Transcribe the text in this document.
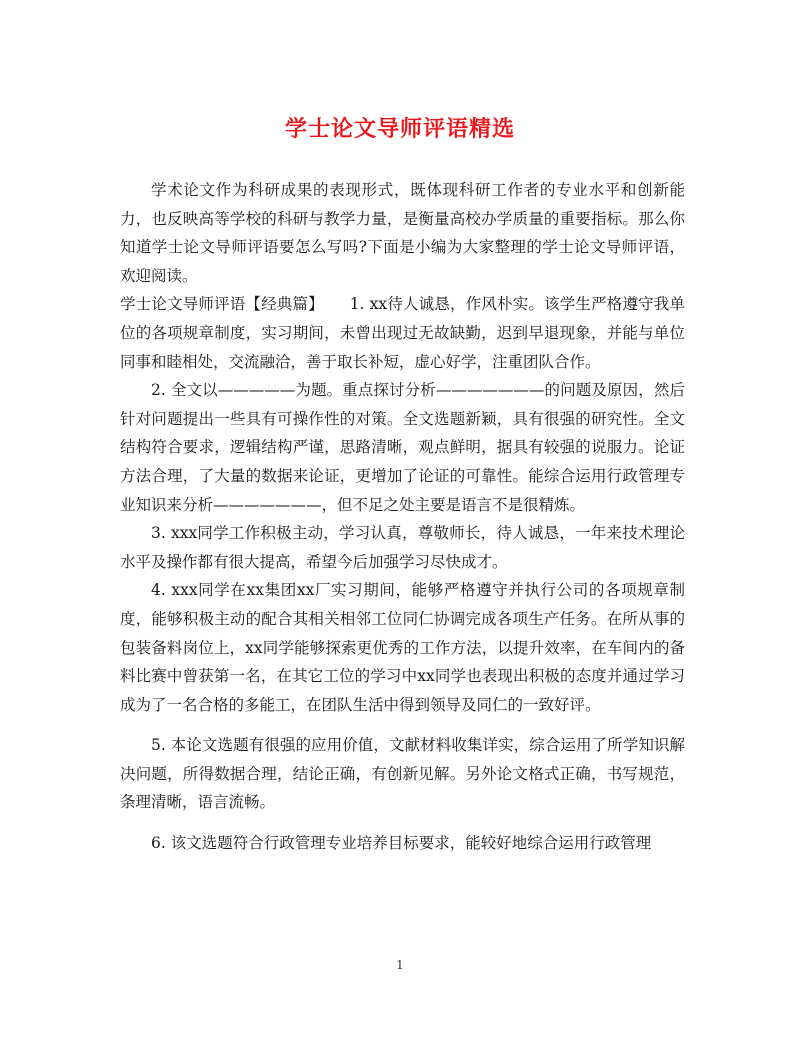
学士论文导师评语精选

学术论文作为科研成果的表现形式，既体现科研工作者的专业水平和创新能力，也反映高等学校的科研与教学力量，是衡量高校办学质量的重要指标。那么你知道学士论文导师评语要怎么写吗?下面是小编为大家整理的学士论文导师评语，欢迎阅读。

学士论文导师评语【经典篇】 1. xx待人诚恳，作风朴实。该学生严格遵守我单位的各项规章制度，实习期间，未曾出现过无故缺勤，迟到早退现象，并能与单位同事和睦相处，交流融洽，善于取长补短，虚心好学，注重团队合作。

2. 全文以—————为题。重点探讨分析———————的问题及原因，然后针对问题提出一些具有可操作性的对策。全文选题新颖，具有很强的研究性。全文结构符合要求，逻辑结构严谨，思路清晰，观点鲜明，据具有较强的说服力。论证方法合理，了大量的数据来论证，更增加了论证的可靠性。能综合运用行政管理专业知识来分析———————，但不足之处主要是语言不是很精炼。

3. xxx同学工作积极主动，学习认真，尊敬师长，待人诚恳，一年来技术理论水平及操作都有很大提高，希望今后加强学习尽快成才。

4. xxx同学在xx集团xx厂实习期间，能够严格遵守并执行公司的各项规章制度，能够积极主动的配合其相关相邻工位同仁协调完成各项生产任务。在所从事的包装备料岗位上，xx同学能够探索更优秀的工作方法，以提升效率，在车间内的备料比赛中曾获第一名，在其它工位的学习中xx同学也表现出积极的态度并通过学习成为了一名合格的多能工，在团队生活中得到领导及同仁的一致好评。

5. 本论文选题有很强的应用价值，文献材料收集详实，综合运用了所学知识解决问题，所得数据合理，结论正确，有创新见解。另外论文格式正确，书写规范，条理清晰，语言流畅。

6. 该文选题符合行政管理专业培养目标要求，能较好地综合运用行政管理

1
